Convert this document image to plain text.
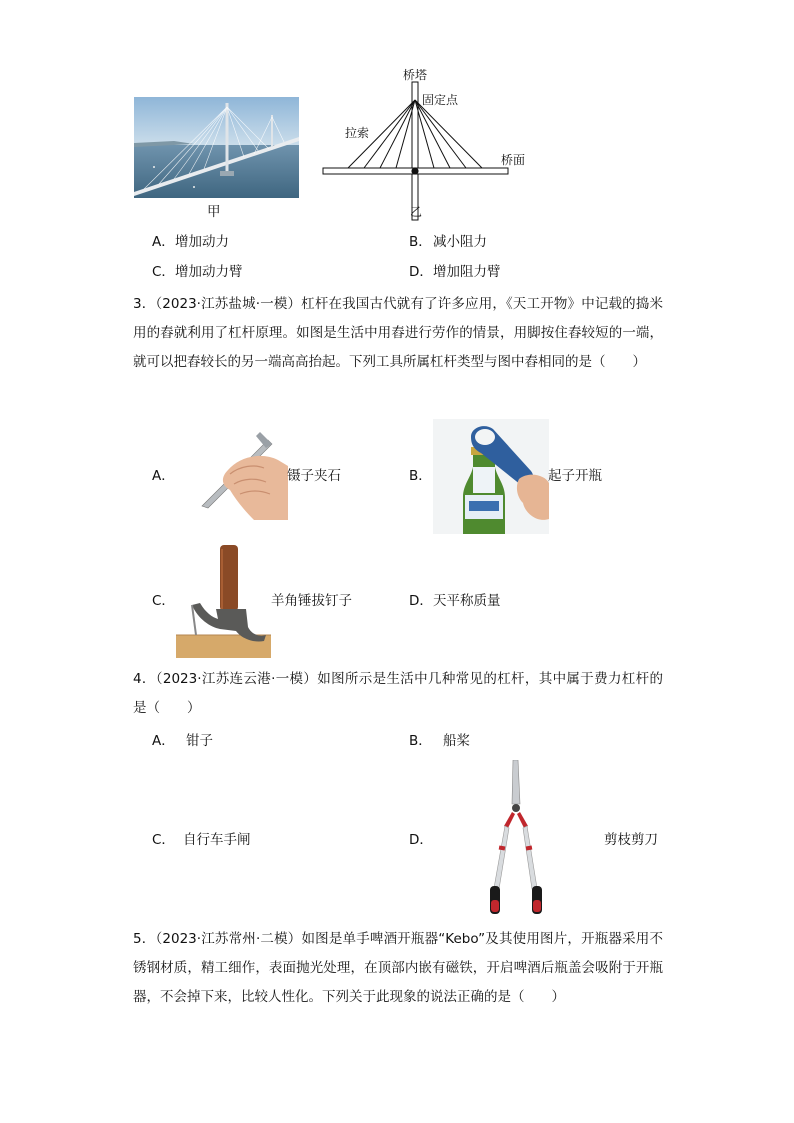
甲
桥塔
固定点
拉索
桥面
乙
A． 增加动力	B． 减小阻力
C． 增加动力臂	D． 增加阻力臂
3．（2023·江苏盐城·一模）杠杆在我国古代就有了许多应用，《天工开物》中记载的捣米用的舂就利用了杠杆原理。如图是生活中用舂进行劳作的情景，用脚按住舂较短的一端，就可以把舂较长的另一端高高抬起。下列工具所属杠杆类型与图中舂相同的是（　　）
A．	镊子夹石	B．	起子开瓶
C．	羊角锤拔钉子	D． 天平称质量
4．（2023·江苏连云港·一模）如图所示是生活中几种常见的杠杆，其中属于费力杠杆的是（　　）
A． 钳子	B． 船桨
C． 自行车手闸	D．	剪枝剪刀
5．（2023·江苏常州·二模）如图是单手啤酒开瓶器“Kebo”及其使用图片，开瓶器采用不锈钢材质，精工细作，表面抛光处理，在顶部内嵌有磁铁，开启啤酒后瓶盖会吸附于开瓶器，不会掉下来，比较人性化。下列关于此现象的说法正确的是（　　）
